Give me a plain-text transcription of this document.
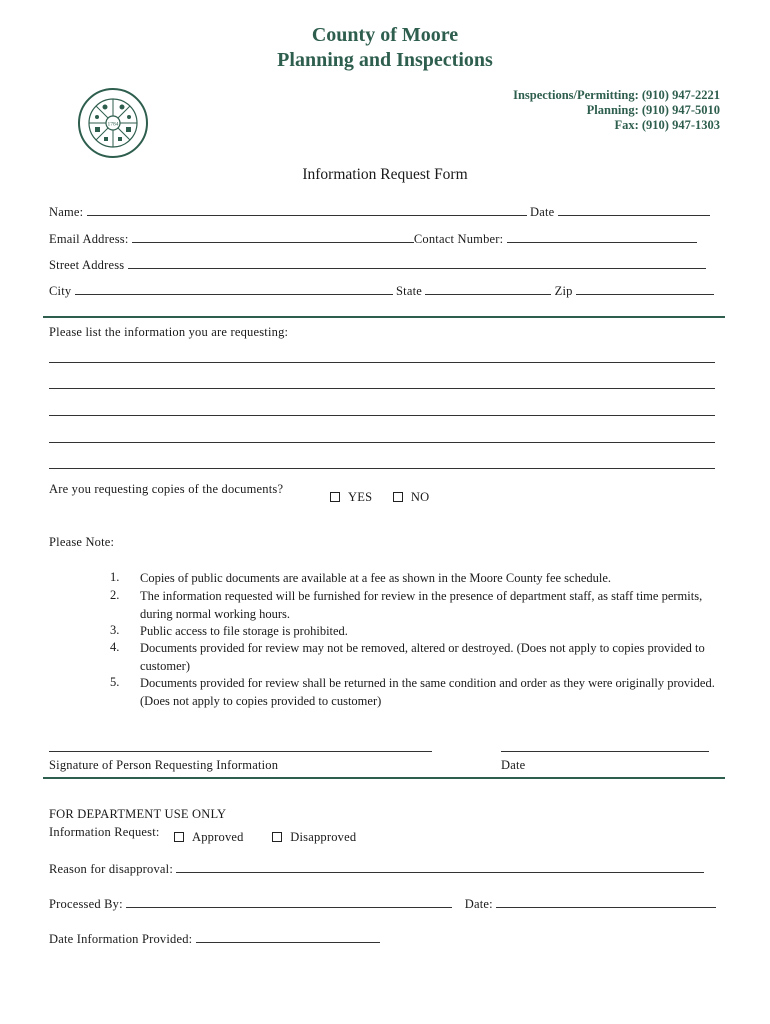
County of Moore
Planning and Inspections
1784
Inspections/Permitting: (910) 947-2221
Planning: (910) 947-5010
Fax: (910) 947-1303
Information Request Form
Name:	Date
Email Address:	Contact Number:
Street Address
City	State	Zip
Please list the information you are requesting:
Are you requesting copies of the documents?
YES	NO
Please Note:
1. Copies of public documents are available at a fee as shown in the Moore County fee schedule.
2. The information requested will be furnished for review in the presence of department staff, as staff time permits, during normal working hours.
3. Public access to file storage is prohibited.
4. Documents provided for review may not be removed, altered or destroyed. (Does not apply to copies provided to customer)
5. Documents provided for review shall be returned in the same condition and order as they were originally provided. (Does not apply to copies provided to customer)
Signature of Person Requesting Information	Date
FOR DEPARTMENT USE ONLY
Information Request:	Approved	Disapproved
Reason for disapproval:
Processed By:	Date:
Date Information Provided:
